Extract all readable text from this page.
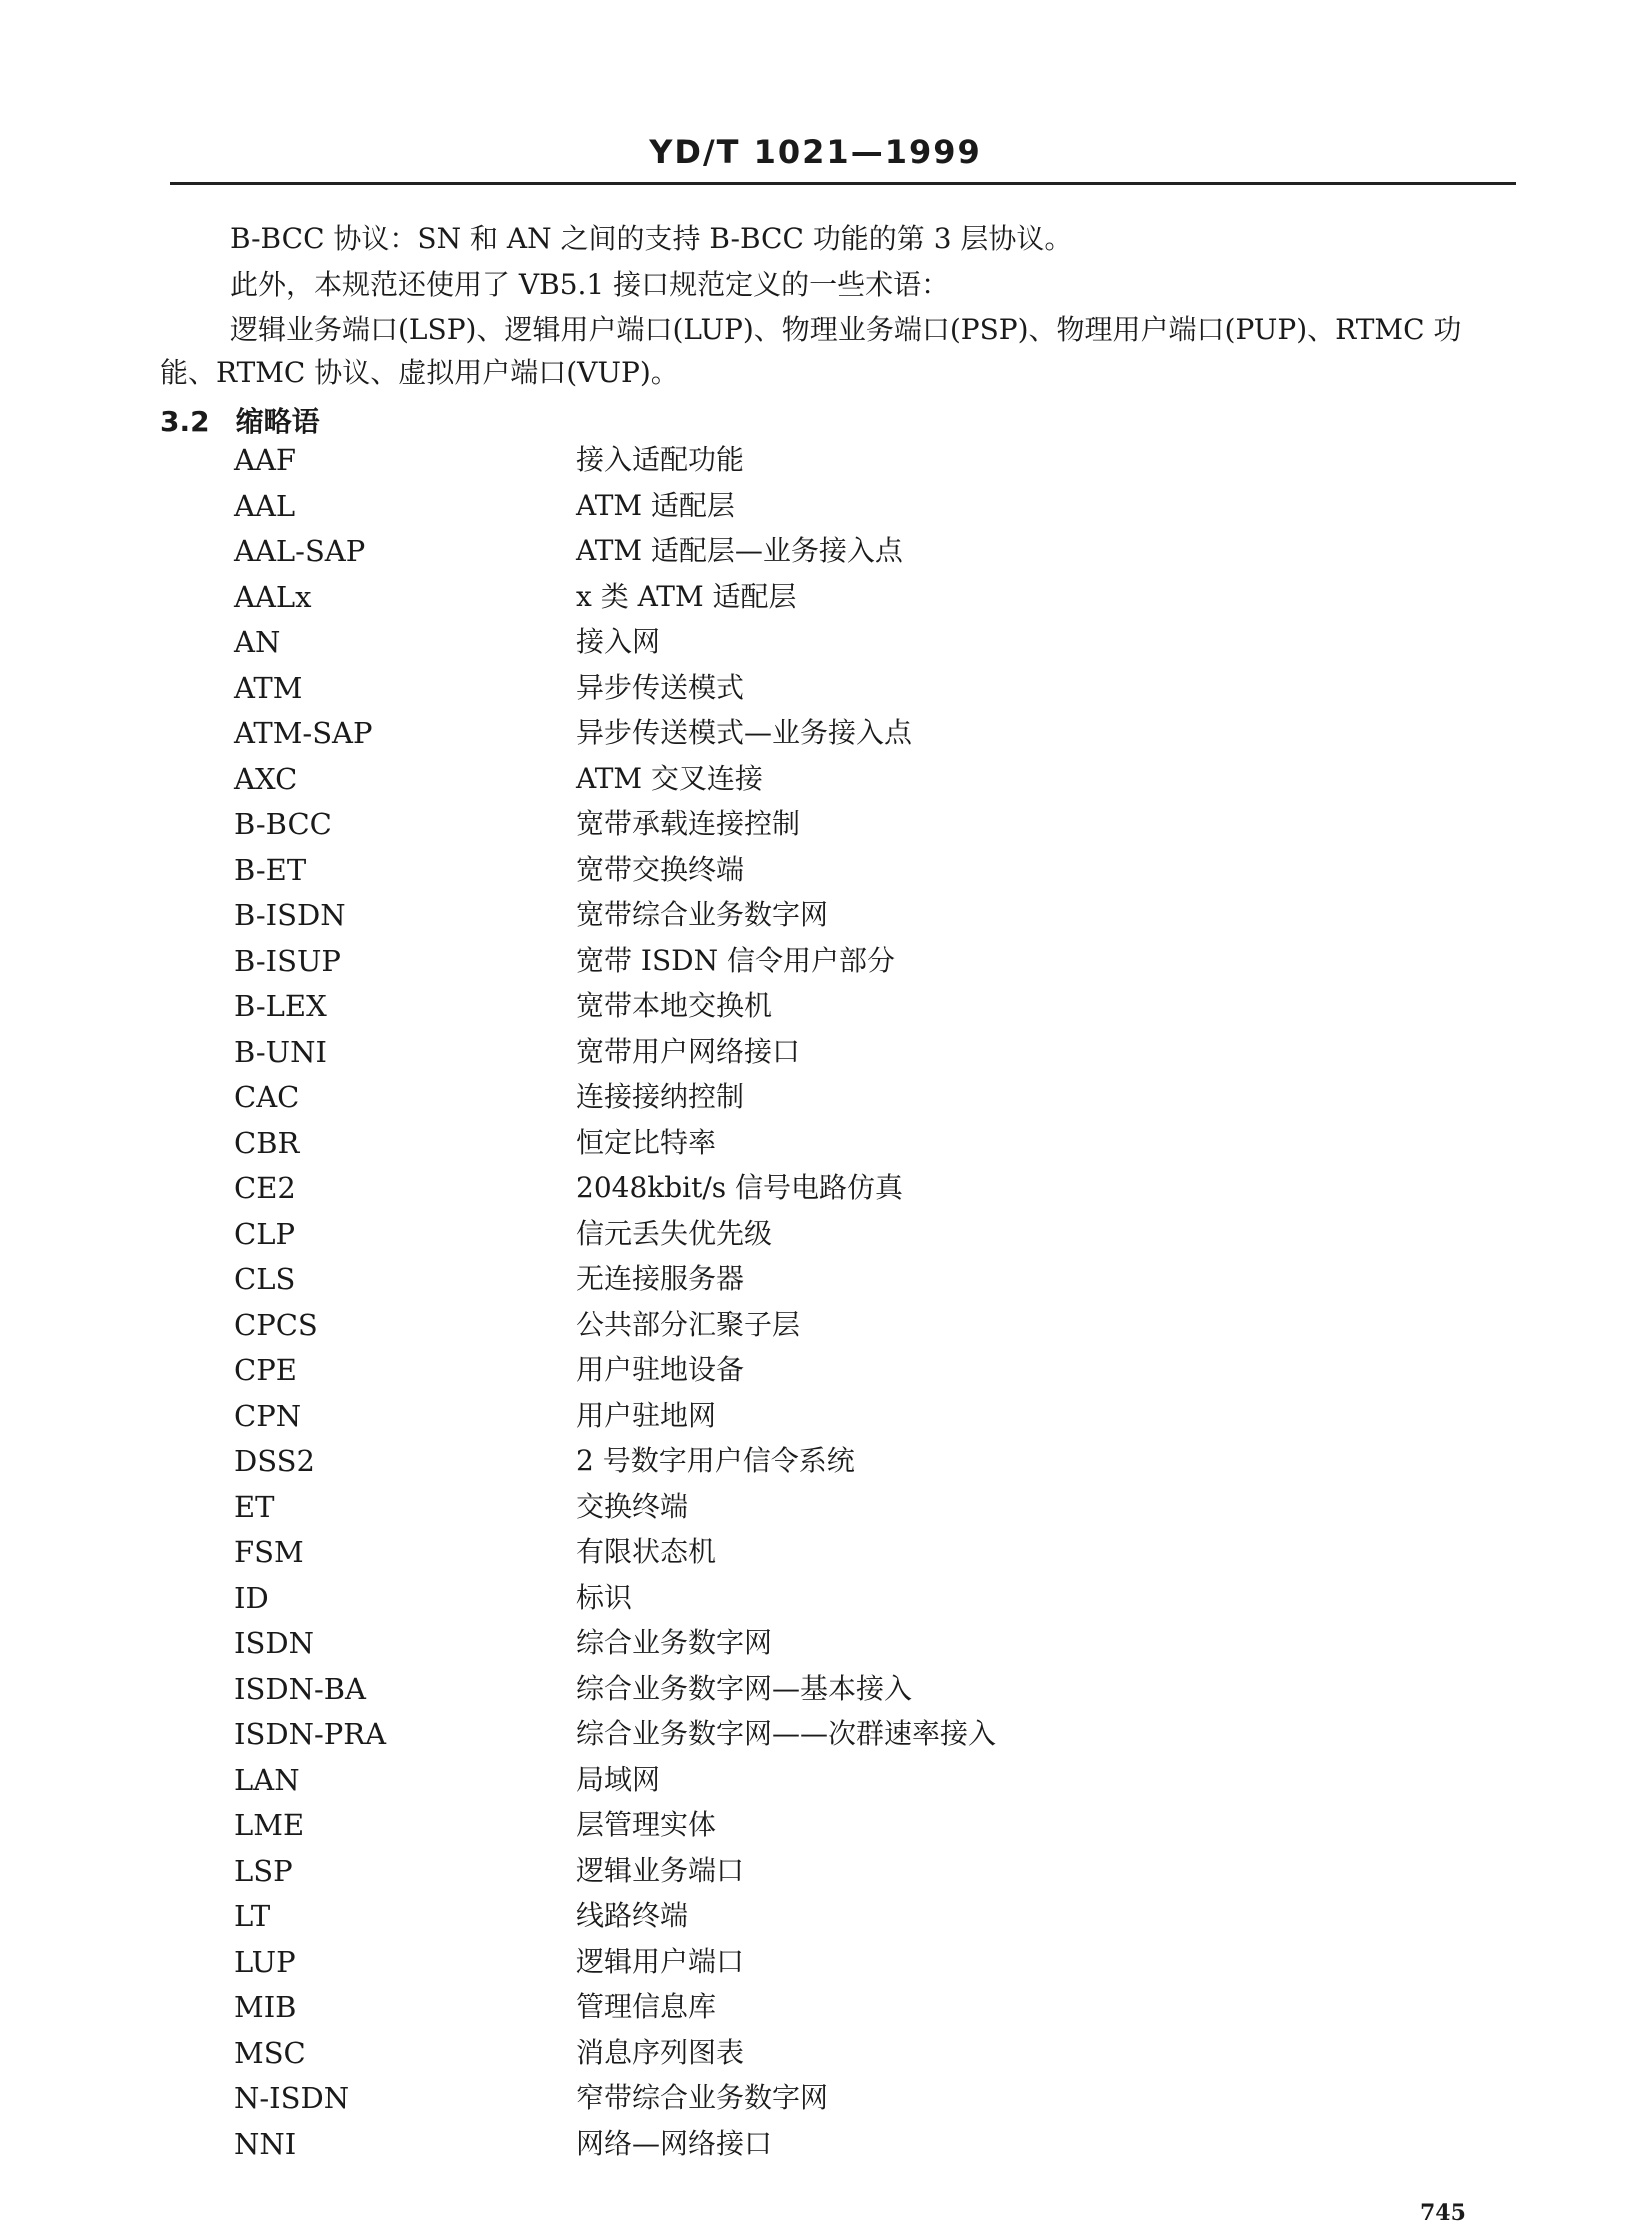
YD/T 1021—1999
B-BCC 协议：SN 和 AN 之间的支持 B-BCC 功能的第 3 层协议。
此外，本规范还使用了 VB5.1 接口规范定义的一些术语：
逻辑业务端口(LSP)、逻辑用户端口(LUP)、物理业务端口(PSP)、物理用户端口(PUP)、RTMC 功
能、RTMC 协议、虚拟用户端口(VUP)。
3.2 缩略语
AAF	接入适配功能
AAL	ATM 适配层
AAL-SAP	ATM 适配层—业务接入点
AALx	x 类 ATM 适配层
AN	接入网
ATM	异步传送模式
ATM-SAP	异步传送模式—业务接入点
AXC	ATM 交叉连接
B-BCC	宽带承载连接控制
B-ET	宽带交换终端
B-ISDN	宽带综合业务数字网
B-ISUP	宽带 ISDN 信令用户部分
B-LEX	宽带本地交换机
B-UNI	宽带用户网络接口
CAC	连接接纳控制
CBR	恒定比特率
CE2	2048kbit/s 信号电路仿真
CLP	信元丢失优先级
CLS	无连接服务器
CPCS	公共部分汇聚子层
CPE	用户驻地设备
CPN	用户驻地网
DSS2	2 号数字用户信令系统
ET	交换终端
FSM	有限状态机
ID	标识
ISDN	综合业务数字网
ISDN-BA	综合业务数字网—基本接入
ISDN-PRA	综合业务数字网——次群速率接入
LAN	局域网
LME	层管理实体
LSP	逻辑业务端口
LT	线路终端
LUP	逻辑用户端口
MIB	管理信息库
MSC	消息序列图表
N-ISDN	窄带综合业务数字网
NNI	网络—网络接口
745
